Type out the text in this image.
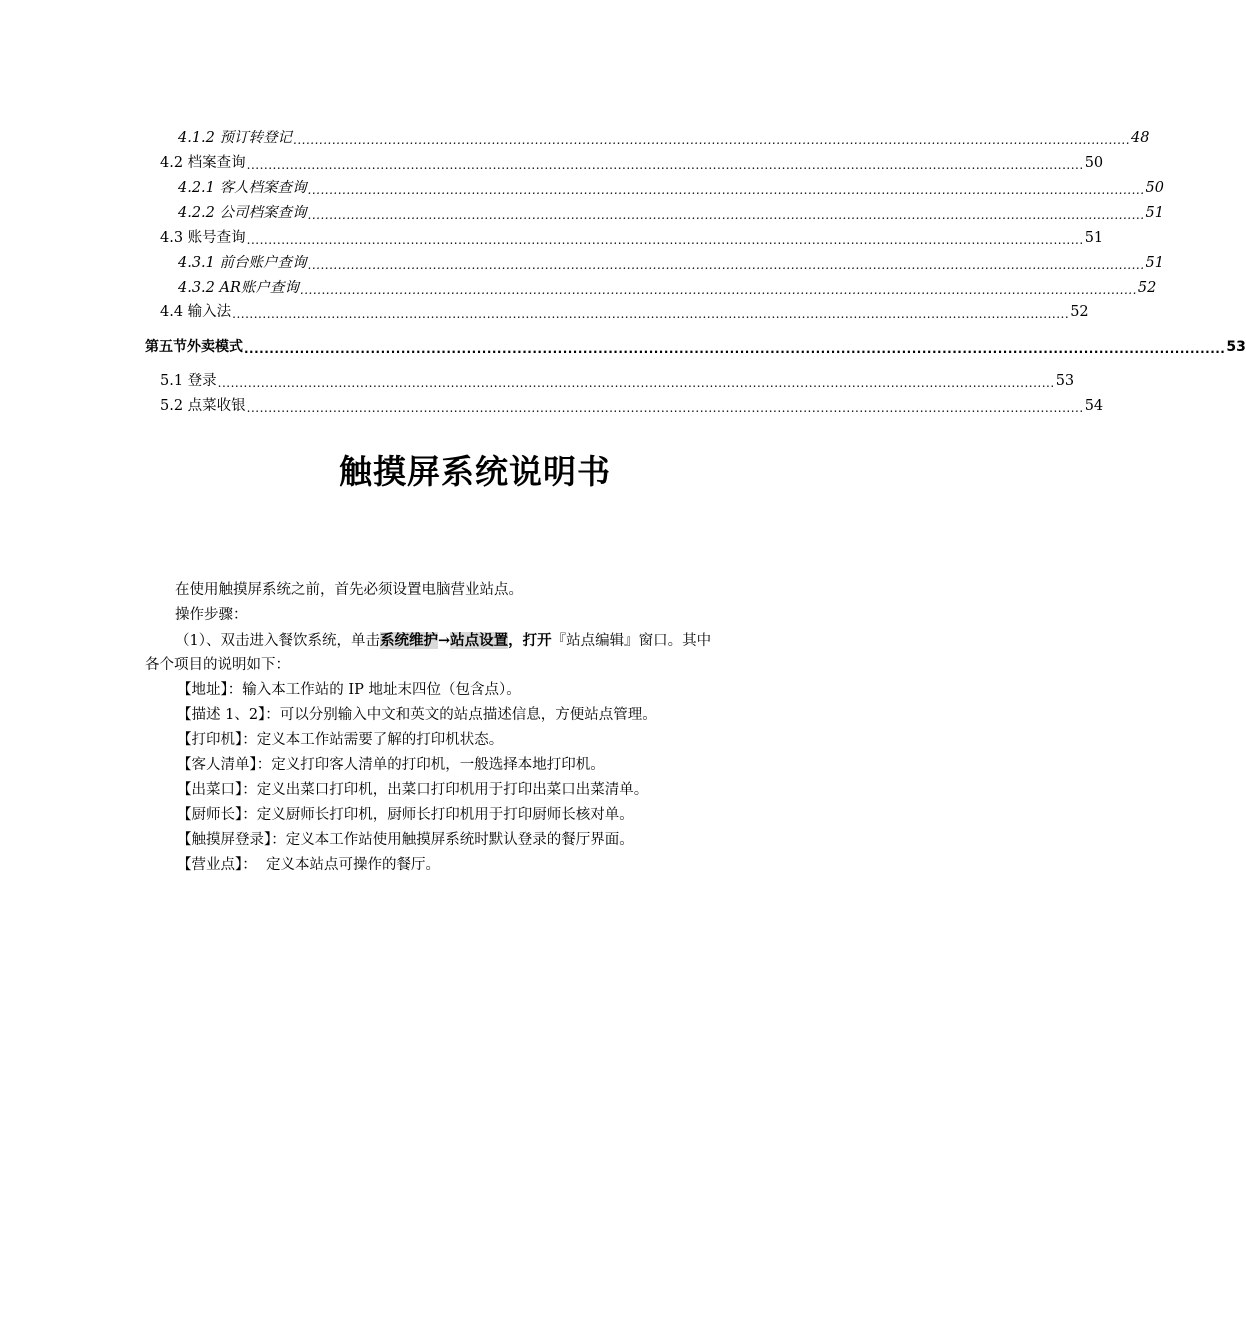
4.1.2 预订转登记 .................................................................................................................................................................................................. 48
4.2 档案查询 .................................................................................................................................................................................................. 50
4.2.1 客人档案查询 .................................................................................................................................................................................................. 50
4.2.2 公司档案查询 .................................................................................................................................................................................................. 51
4.3 账号查询 .................................................................................................................................................................................................. 51
4.3.1 前台账户查询 .................................................................................................................................................................................................. 51
4.3.2 AR账户查询 .................................................................................................................................................................................................. 52
4.4 输入法 .................................................................................................................................................................................................. 52
第五节 外卖模式 .................................................................................................................................................................................................. 53
5.1 登录 .................................................................................................................................................................................................. 53
5.2 点菜收银 .................................................................................................................................................................................................. 54
触摸屏系统说明书
在使用触摸屏系统之前，首先必须设置电脑营业站点。
操作步骤：
（1）、双击进入餐饮系统，单击系统维护→站点设置，打开『站点编辑』窗口。其中
各个项目的说明如下：
【地址】：输入本工作站的 IP 地址末四位（包含点）。
【描述 1、2】：可以分别输入中文和英文的站点描述信息，方便站点管理。
【打印机】：定义本工作站需要了解的打印机状态。
【客人清单】：定义打印客人清单的打印机，一般选择本地打印机。
【出菜口】：定义出菜口打印机，出菜口打印机用于打印出菜口出菜清单。
【厨师长】：定义厨师长打印机，厨师长打印机用于打印厨师长核对单。
【触摸屏登录】：定义本工作站使用触摸屏系统时默认登录的餐厅界面。
【营业点】：  定义本站点可操作的餐厅。
